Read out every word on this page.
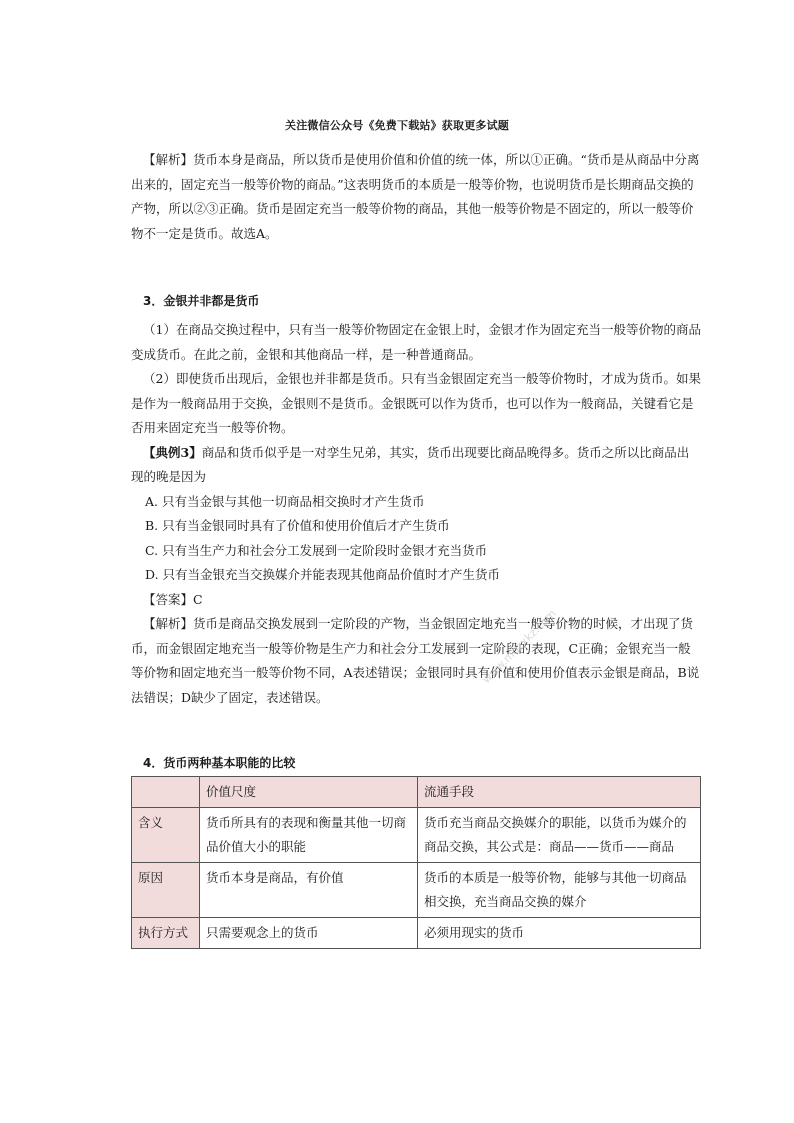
关注微信公众号《免费下载站》获取更多试题

【解析】货币本身是商品，所以货币是使用价值和价值的统一体，所以①正确。“货币是从商品中分离出来的，固定充当一般等价物的商品。”这表明货币的本质是一般等价物，也说明货币是长期商品交换的产物，所以②③正确。货币是固定充当一般等价物的商品，其他一般等价物是不固定的，所以一般等价物不一定是货币。故选A。

3．金银并非都是货币

（1）在商品交换过程中，只有当一般等价物固定在金银上时，金银才作为固定充当一般等价物的商品变成货币。在此之前，金银和其他商品一样，是一种普通商品。

（2）即使货币出现后，金银也并非都是货币。只有当金银固定充当一般等价物时，才成为货币。如果是作为一般商品用于交换，金银则不是货币。金银既可以作为货币，也可以作为一般商品，关键看它是否用来固定充当一般等价物。

【典例3】商品和货币似乎是一对孪生兄弟，其实，货币出现要比商品晚得多。货币之所以比商品出现的晚是因为

A. 只有当金银与其他一切商品相交换时才产生货币

B. 只有当金银同时具有了价值和使用价值后才产生货币

C. 只有当生产力和社会分工发展到一定阶段时金银才充当货币

D. 只有当金银充当交换媒介并能表现其他商品价值时才产生货币

【答案】C

【解析】货币是商品交换发展到一定阶段的产物，当金银固定地充当一般等价物的时候，才出现了货币，而金银固定地充当一般等价物是生产力和社会分工发展到一定阶段的表现，C正确；金银充当一般等价物和固定地充当一般等价物不同，A表述错误；金银同时具有价值和使用价值表示金银是商品，B说法错误；D缺少了固定，表述错误。

4．货币两种基本职能的比较

	价值尺度	流通手段
含义	货币所具有的表现和衡量其他一切商品价值大小的职能	货币充当商品交换媒介的职能，以货币为媒介的商品交换，其公式是：商品——货币——商品
原因	货币本身是商品，有价值	货币的本质是一般等价物，能够与其他一切商品相交换，充当商品交换的媒介
执行方式	只需要观念上的货币	必须用现实的货币
www.mdzxkz.com
